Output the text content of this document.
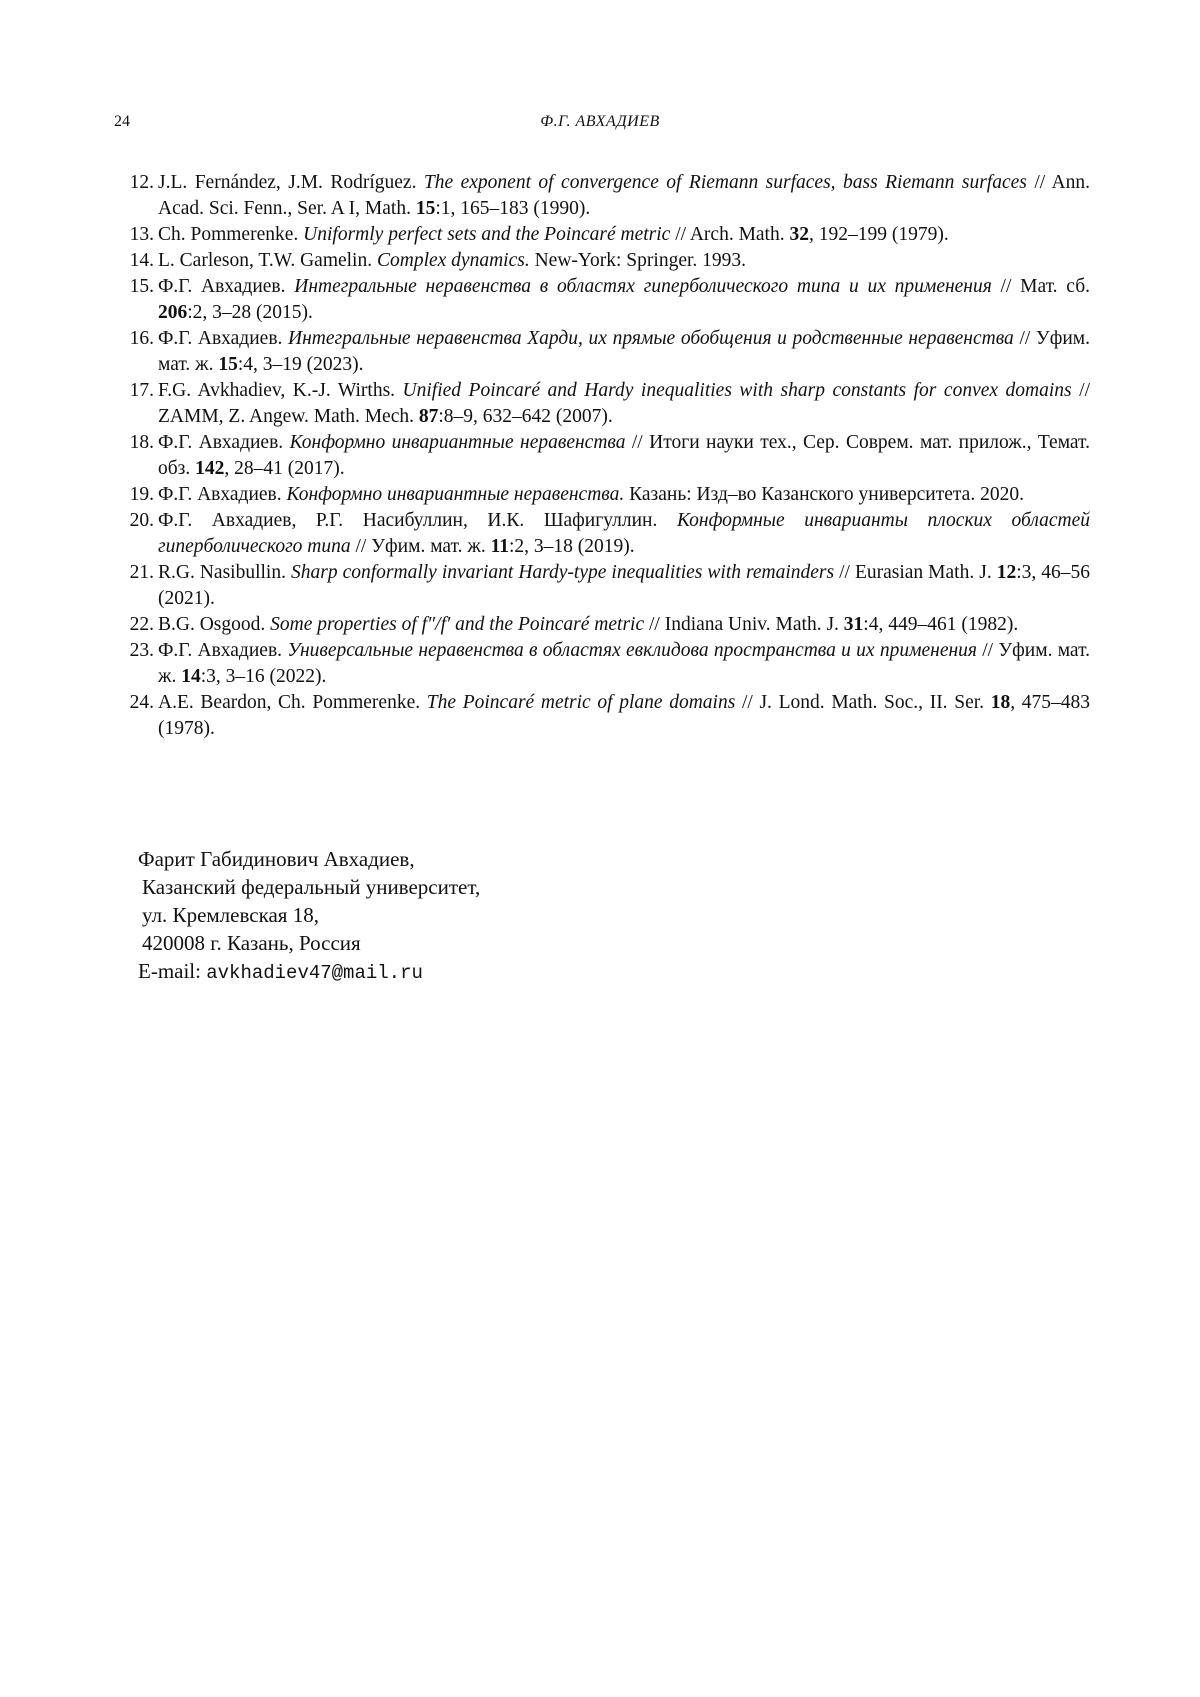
24	Ф.Г. АВХАДИЕВ
12 . J.L. Fernández, J.M. Rodríguez. The exponent of convergence of Riemann surfaces, bass Riemann surfaces // Ann. Acad. Sci. Fenn., Ser. A I, Math. 15:1, 165–183 (1990).
13 . Ch. Pommerenke. Uniformly perfect sets and the Poincaré metric // Arch. Math. 32, 192–199 (1979).
14 . L. Carleson, T.W. Gamelin. Complex dynamics. New-York: Springer. 1993.
15 . Ф.Г. Авхадиев. Интегральные неравенства в областях гиперболического типа и их применения // Мат. сб. 206:2, 3–28 (2015).
16 . Ф.Г. Авхадиев. Интегральные неравенства Харди, их прямые обобщения и родственные неравенства // Уфим. мат. ж. 15:4, 3–19 (2023).
17 . F.G. Avkhadiev, K.-J. Wirths. Unified Poincaré and Hardy inequalities with sharp constants for convex domains // ZAMM, Z. Angew. Math. Mech. 87:8–9, 632–642 (2007).
18 . Ф.Г. Авхадиев. Конформно инвариантные неравенства // Итоги науки тех., Сер. Соврем. мат. прилож., Темат. обз. 142, 28–41 (2017).
19 . Ф.Г. Авхадиев. Конформно инвариантные неравенства. Казань: Изд–во Казанского университета. 2020.
20 . Ф.Г. Авхадиев, Р.Г. Насибуллин, И.К. Шафигуллин. Конформные инварианты плоских областей гиперболического типа // Уфим. мат. ж. 11:2, 3–18 (2019).
21 . R.G. Nasibullin. Sharp conformally invariant Hardy-type inequalities with remainders // Eurasian Math. J. 12:3, 46–56 (2021).
22 . B.G. Osgood. Some properties of f″/f′ and the Poincaré metric // Indiana Univ. Math. J. 31:4, 449–461 (1982).
23 . Ф.Г. Авхадиев. Универсальные неравенства в областях евклидова пространства и их применения // Уфим. мат. ж. 14:3, 3–16 (2022).
24 . A.E. Beardon, Ch. Pommerenke. The Poincaré metric of plane domains // J. Lond. Math. Soc., II. Ser. 18, 475–483 (1978).
Фарит Габидинович Авхадиев,
Казанский федеральный университет,
ул. Кремлевская 18,
420008 г. Казань, Россия
E-mail: avkhadiev47@mail.ru
